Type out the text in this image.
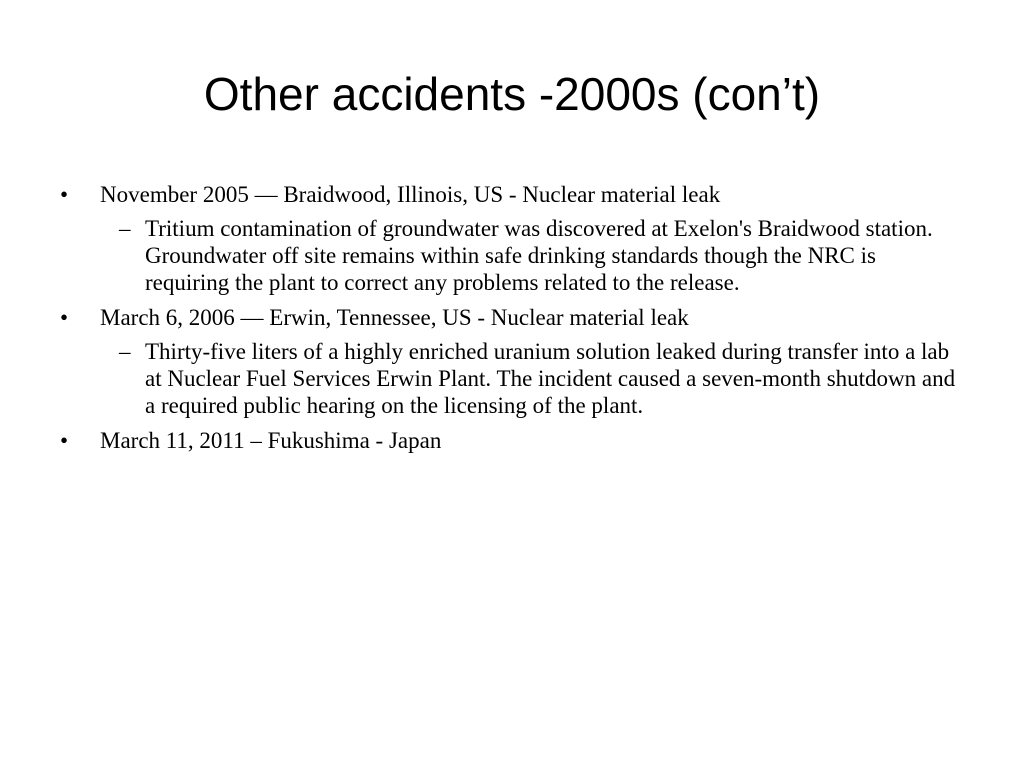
Other accidents -2000s (con’t)
•	November 2005 — Braidwood, Illinois, US - Nuclear material leak
– Tritium contamination of groundwater was discovered at Exelon's Braidwood station. Groundwater off site remains within safe drinking standards though the NRC is requiring the plant to correct any problems related to the release.
•	March 6, 2006 — Erwin, Tennessee, US - Nuclear material leak
– Thirty-five liters of a highly enriched uranium solution leaked during transfer into a lab at Nuclear Fuel Services Erwin Plant. The incident caused a seven-month shutdown and a required public hearing on the licensing of the plant.
•	March 11, 2011 – Fukushima - Japan
